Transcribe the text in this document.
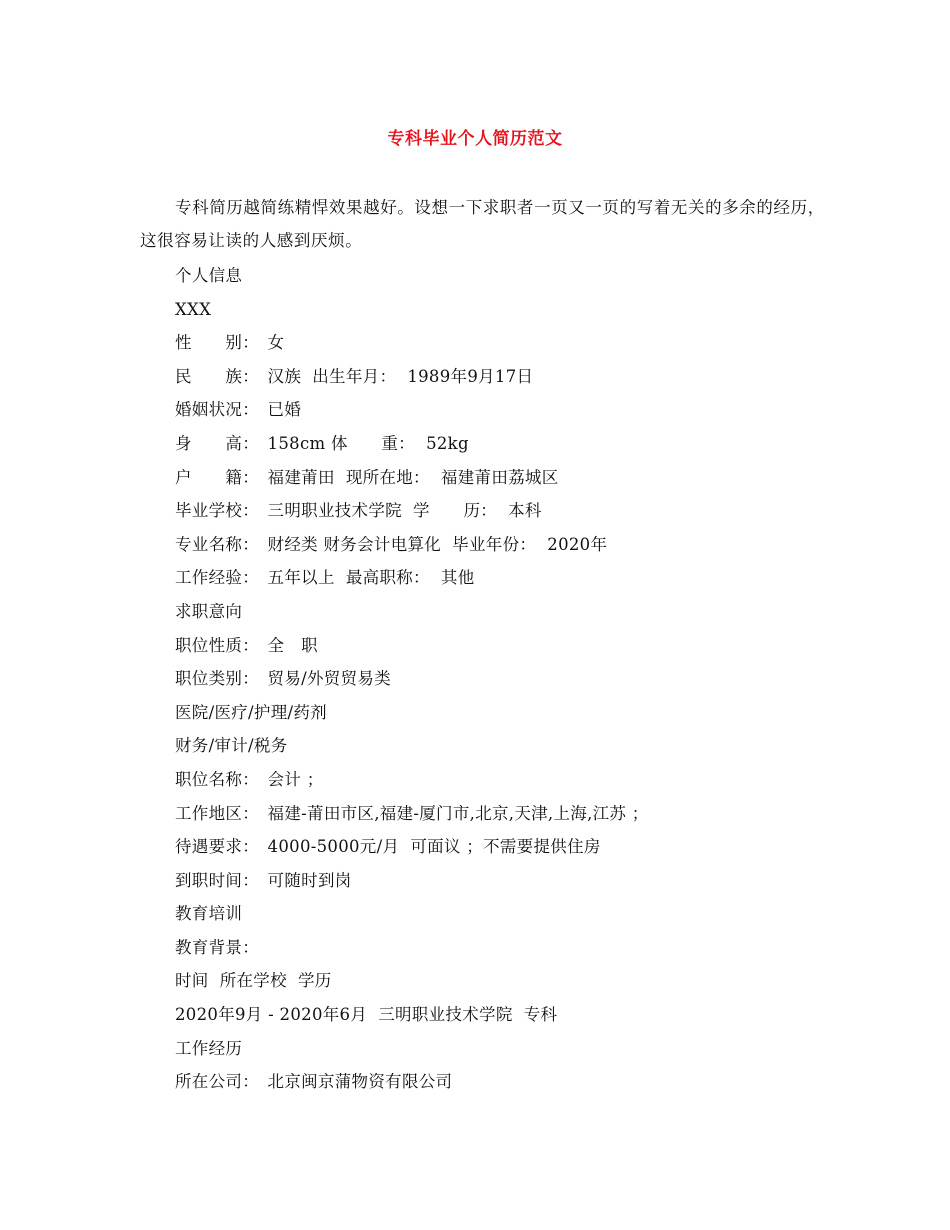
专科毕业个人简历范文

专科简历越简练精悍效果越好。设想一下求职者一页又一页的写着无关的多余的经历，这很容易让读的人感到厌烦。

个人信息
XXX
性　　别：　女
民　　族：　汉族  出生年月：  1989年9月17日
婚姻状况：　已婚
身　　高：　158cm 体　　重：  52kg
户　　籍：　福建莆田  现所在地：  福建莆田荔城区
毕业学校：　三明职业技术学院  学　　历：  本科
专业名称：　财经类 财务会计电算化  毕业年份：  2020年
工作经验：　五年以上  最高职称：  其他
求职意向
职位性质：　全　职
职位类别：　贸易/外贸贸易类
医院/医疗/护理/药剂
财务/审计/税务
职位名称：　会计 ；
工作地区：　福建-莆田市区,福建-厦门市,北京,天津,上海,江苏 ；
待遇要求：　4000-5000元/月  可面议 ；不需要提供住房
到职时间：　可随时到岗
教育培训
教育背景：
时间  所在学校  学历
2020年9月 - 2020年6月  三明职业技术学院  专科
工作经历
所在公司：　北京闽京蒲物资有限公司
